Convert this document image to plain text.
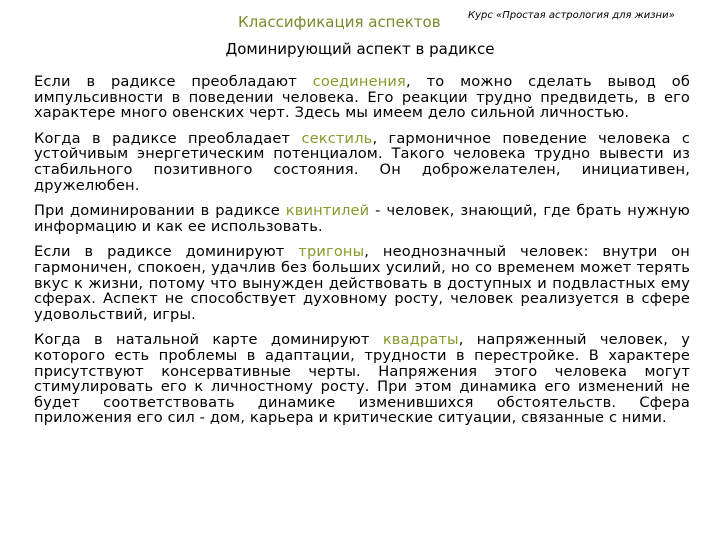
Классификация аспектов	Курс «Простая астрология для жизни»
Доминирующий аспект в радиксе

Если в радиксе преобладают соединения, то можно сделать вывод об импульсивности в поведении человека. Его реакции трудно предвидеть, в его характере много овенских черт. Здесь мы имеем дело сильной личностью.

Когда в радиксе преобладает секстиль, гармоничное поведение человека с устойчивым энергетическим потенциалом. Такого человека трудно вывести из стабильного позитивного состояния. Он доброжелателен, инициативен, дружелюбен.

При доминировании в радиксе квинтилей - человек, знающий, где брать нужную информацию и как ее использовать.

Если в радиксе доминируют тригоны, неоднозначный человек: внутри он гармоничен, спокоен, удачлив без больших усилий, но со временем может терять вкус к жизни, потому что вынужден действовать в доступных и подвластных ему сферах. Аспект не способствует духовному росту, человек реализуется в сфере удовольствий, игры.

Когда в натальной карте доминируют квадраты, напряженный человек, у которого есть проблемы в адаптации, трудности в перестройке. В характере присутствуют консервативные черты. Напряжения этого человека могут стимулировать его к личностному росту. При этом динамика его изменений не будет соответствовать динамике изменившихся обстоятельств. Сфера приложения его сил - дом, карьера и критические ситуации, связанные с ними.
